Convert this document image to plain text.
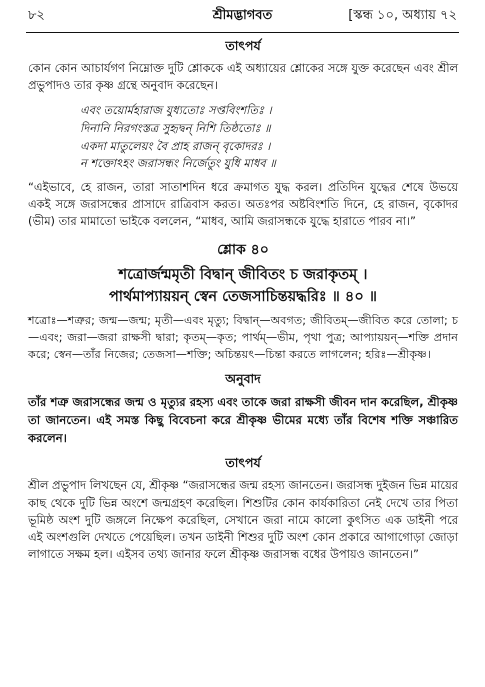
৮২	শ্রীমদ্ভাগবত	[স্কন্ধ ১০, অধ্যায় ৭২
তাৎপর্য

কোন কোন আচার্যগণ নিম্নোক্ত দুটি শ্লোককে এই অধ্যায়ের শ্লোকের সঙ্গে যুক্ত করেছেন এবং শ্রীল প্রভুপাদও তার কৃষ্ণ গ্রন্থে অনুবাদ করেছেন।

এবং তয়োর্মহারাজ যুধ্যতোঃ সপ্তবিংশতিঃ ।
দিনানি নিরগংস্তত্র সুহৃদ্বন্ নিশি তিষ্ঠতোঃ ॥
একদা মাতুলেয়ং বৈ প্রাহ রাজন্ বৃকোদরঃ ।
ন শক্তোঽহং জরাসন্ধং নির্জেতুং যুধি মাধব ॥

“এইভাবে, হে রাজন, তারা সাতাশদিন ধরে ক্রমাগত যুদ্ধ করল। প্রতিদিন যুদ্ধের শেষে উভয়ে একই সঙ্গে জরাসন্ধের প্রাসাদে রাত্রিবাস করত। অতঃপর অষ্টবিংশতি দিনে, হে রাজন, বৃকোদর (ভীম) তার মামাতো ভাইকে বললেন, “মাধব, আমি জরাসন্ধকে যুদ্ধে হারাতে পারব না।”

শ্লোক ৪০
শত্রোর্জন্মমৃতী বিদ্বান্ জীবিতং চ জরাকৃতম্ ।
পার্থমাপ্যায়য়ন্ স্বেন তেজসাচিন্তয়দ্ধরিঃ ॥ ৪০ ॥

শত্রোঃ—শত্রুর; জন্ম—জন্ম; মৃতী—এবং মৃত্যু; বিদ্বান্—অবগত; জীবিতম্—জীবিত করে তোলা; চ—এবং; জরা—জরা রাক্ষসী দ্বারা; কৃতম্—কৃত; পার্থম্—ভীম, পৃথা পুত্র; আপ্যায়য়ন্—শক্তি প্রদান করে; স্বেন—তাঁর নিজের; তেজসা—শক্তি; অচিন্তয়ৎ—চিন্তা করতে লাগলেন; হরিঃ—শ্রীকৃষ্ণ।

অনুবাদ

তাঁর শত্রু জরাসন্ধের জন্ম ও মৃত্যুর রহস্য এবং তাকে জরা রাক্ষসী জীবন দান করেছিল, শ্রীকৃষ্ণ তা জানতেন। এই সমস্ত কিছু বিবেচনা করে শ্রীকৃষ্ণ ভীমের মধ্যে তাঁর বিশেষ শক্তি সঞ্চারিত করলেন।

তাৎপর্য

শ্রীল প্রভুপাদ লিখছেন যে, শ্রীকৃষ্ণ “জরাসন্ধের জন্ম রহস্য জানতেন। জরাসন্ধ দুইজন ভিন্ন মায়ের কাছ থেকে দুটি ভিন্ন অংশে জন্মগ্রহণ করেছিল। শিশুটির কোন কার্যকারিতা নেই দেখে তার পিতা ভূমিষ্ঠ অংশ দুটি জঙ্গলে নিক্ষেপ করেছিল, সেখানে জরা নামে কালো কুৎসিত এক ডাইনী পরে এই অংশগুলি দেখতে পেয়েছিল। তখন ডাইনী শিশুর দুটি অংশ কোন প্রকারে আগাগোড়া জোড়া লাগাতে সক্ষম হল। এইসব তথ্য জানার ফলে শ্রীকৃষ্ণ জরাসন্ধ বধের উপায়ও জানতেন।”
